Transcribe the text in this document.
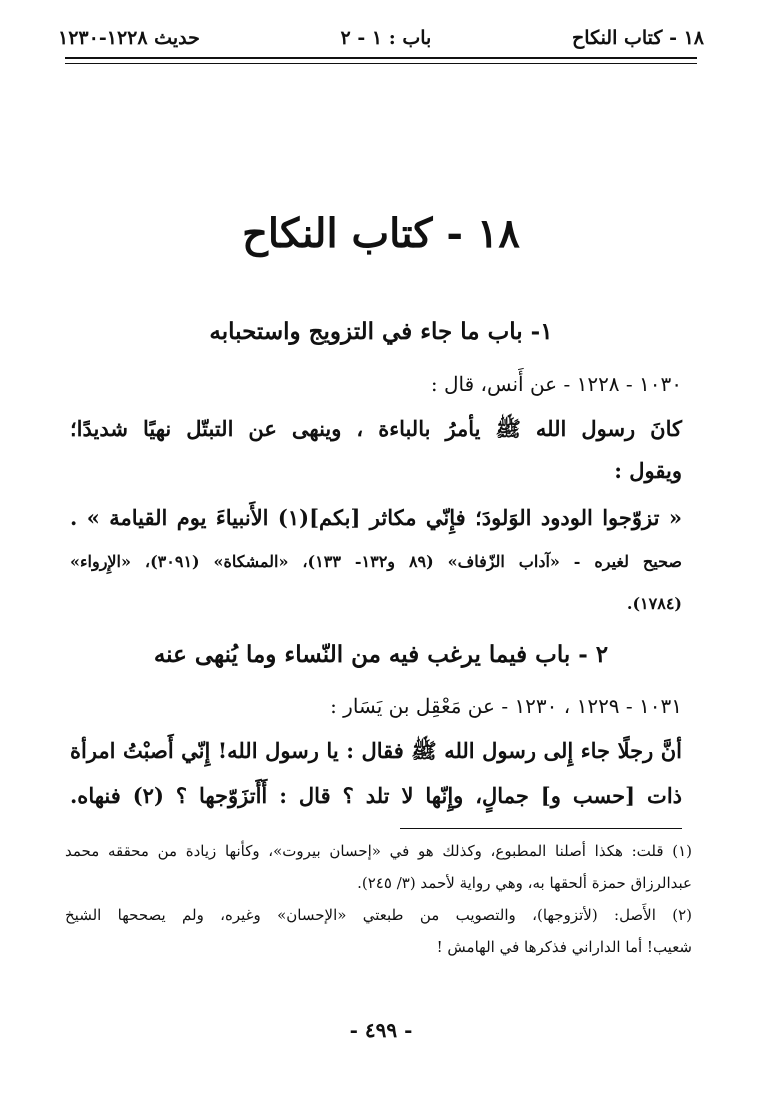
١٨ - كتاب النكاح
باب : ١ - ٢
حديث ١٢٢٨-١٢٣٠
١٨ - كتاب النكاح
١- باب ما جاء في التزويج واستحبابه
١٠٣٠ - ١٢٢٨ - عن أَنس، قال :
كانَ رسول الله ﷺ يأمرُ بالباءة ، وينهى عن التبتّل نهيًا شديدًا؛
ويقول :
« تزوّجوا الودود الوَلودَ؛ فإِنّي مكاثر [بكم](١) الأَنبياءَ يوم القيامة » .
صحيح لغيره - «آداب الزّفاف» (٨٩ و١٣٢- ١٣٣)، «المشكاة» (٣٠٩١)، «الإِرواء»
(١٧٨٤).
٢ - باب فيما يرغب فيه من النّساء وما يُنهى عنه
١٠٣١ - ١٢٢٩ ، ١٢٣٠ - عن مَعْقِل بن يَسَار :
أنَّ رجلًا جاء إِلى رسول الله ﷺ فقال : يا رسول الله! إِنّي أَصبْتُ امرأة
ذات [حسب و] جمالٍ، وإِنّها لا تلد ؟ قال : أَأَتزَوّجها ؟ (٢) فنهاه.
(١) قلت: هكذا أصلنا المطبوع، وكذلك هو في «إحسان بيروت»، وكأنها زيادة من محققه محمد
عبدالرزاق حمزة ألحقها به، وهي رواية لأحمد (٣/ ٢٤٥).
(٢) الأَصل: (لأتزوجها)، والتصويب من طبعتي «الإحسان» وغيره، ولم يصححها الشيخ
شعيب! أما الداراني فذكرها في الهامش !
- ٤٩٩ -
